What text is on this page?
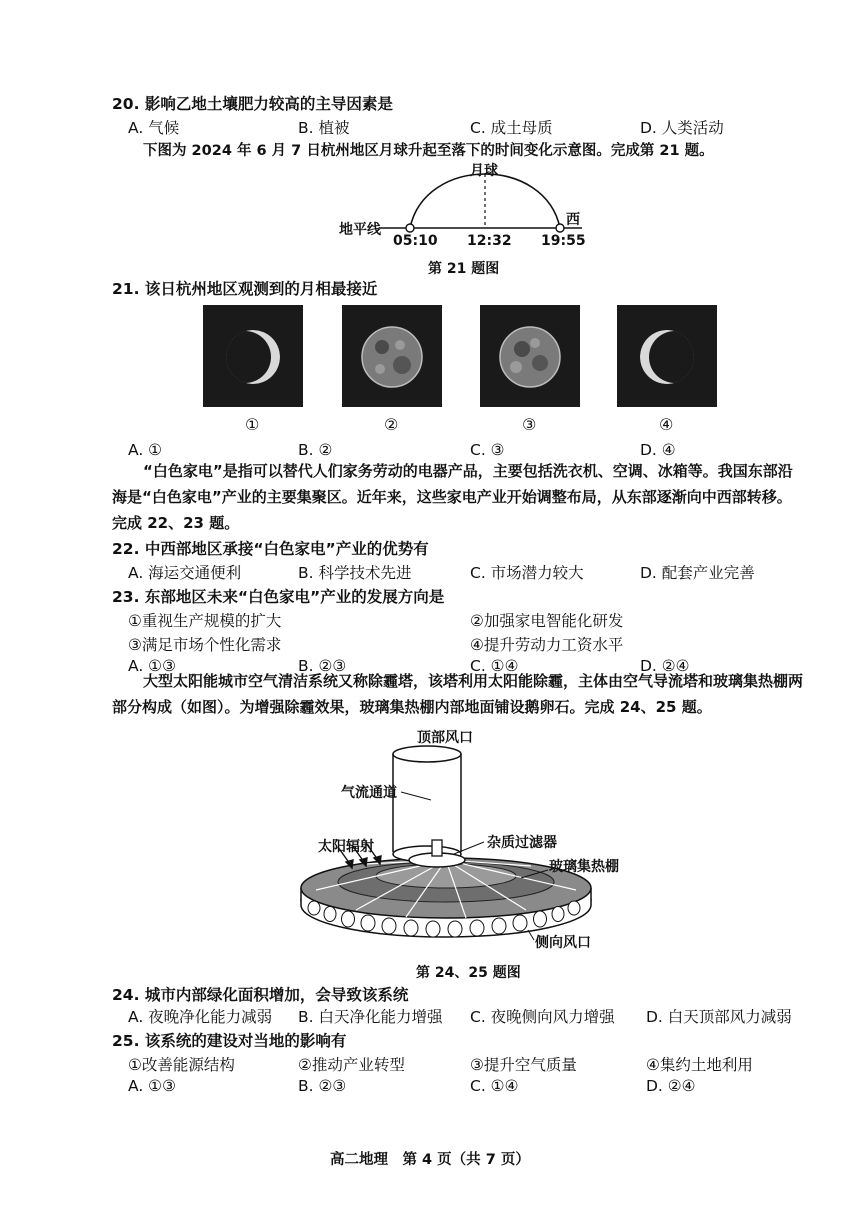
20. 影响乙地土壤肥力较高的主导因素是
A. 气候	B. 植被	C. 成土母质	D. 人类活动
下图为 2024 年 6 月 7 日杭州地区月球升起至落下的时间变化示意图。完成第 21 题。
月球
地平线
西
05:10 12:32 19:55
第 21 题图
21. 该日杭州地区观测到的月相最接近
①	②	③	④
A. ①	B. ②	C. ③	D. ④
“白色家电”是指可以替代人们家务劳动的电器产品，主要包括洗衣机、空调、冰箱等。我国东部沿
海是“白色家电”产业的主要集聚区。近年来，这些家电产业开始调整布局，从东部逐渐向中西部转移。
完成 22、23 题。
22. 中西部地区承接“白色家电”产业的优势有
A. 海运交通便利	B. 科学技术先进	C. 市场潜力较大	D. 配套产业完善
23. 东部地区未来“白色家电”产业的发展方向是
①重视生产规模的扩大	②加强家电智能化研发
③满足市场个性化需求	④提升劳动力工资水平
A. ①③	B. ②③	C. ①④	D. ②④
大型太阳能城市空气清洁系统又称除霾塔，该塔利用太阳能除霾，主体由空气导流塔和玻璃集热棚两
部分构成（如图）。为增强除霾效果，玻璃集热棚内部地面铺设鹅卵石。完成 24、25 题。
顶部风口
气流通道
太阳辐射	杂质过滤器
玻璃集热棚
侧向风口
第 24、25 题图
24. 城市内部绿化面积增加，会导致该系统
A. 夜晚净化能力减弱 B. 白天净化能力增强 C. 夜晚侧向风力增强 D. 白天顶部风力减弱
25. 该系统的建设对当地的影响有
①改善能源结构	②推动产业转型	③提升空气质量	④集约土地利用
A. ①③	B. ②③	C. ①④	D. ②④
高二地理　第 4 页（共 7 页）
